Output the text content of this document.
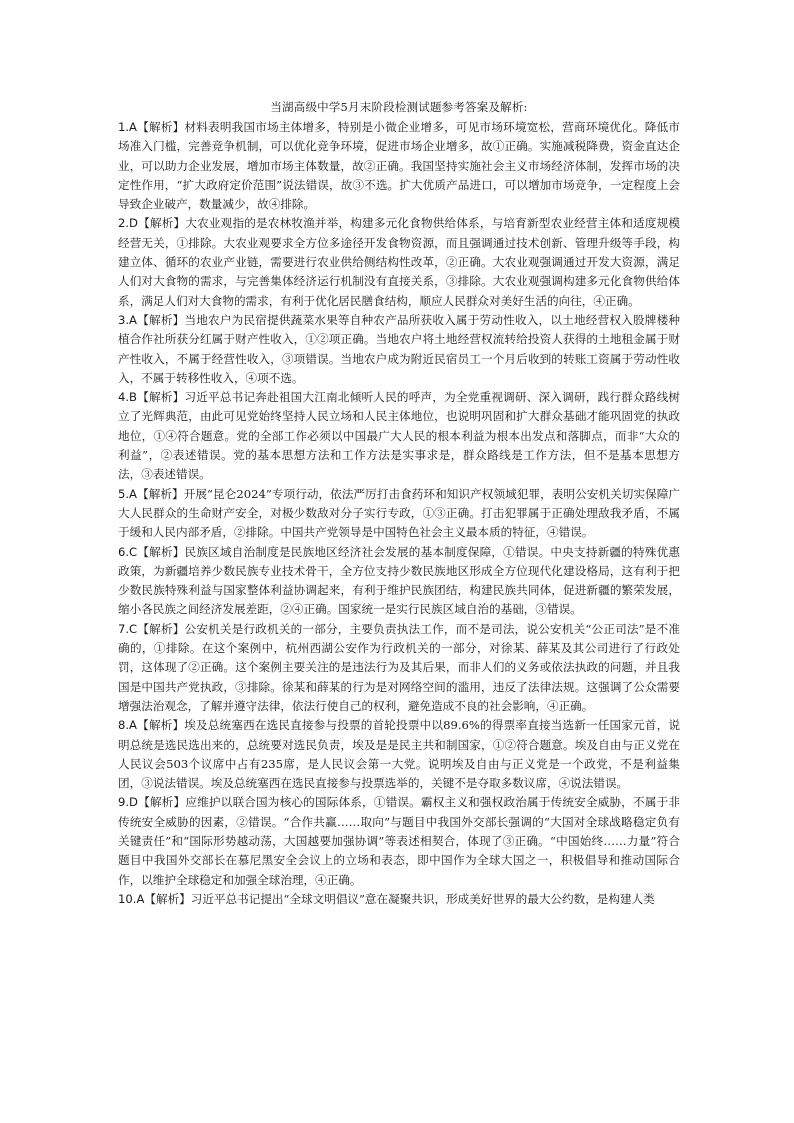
当湖高级中学5月末阶段检测试题参考答案及解析:

1.A【解析】材料表明我国市场主体增多，特别是小微企业增多，可见市场环境宽松，营商环境优化。降低市场准入门槛，完善竞争机制，可以优化竞争环境，促进市场企业增多，故①正确。实施减税降费，资金直达企业，可以助力企业发展，增加市场主体数量，故②正确。我国坚持实施社会主义市场经济体制，发挥市场的决定性作用，“扩大政府定价范围”说法错误，故③不选。扩大优质产品进口，可以增加市场竞争，一定程度上会导致企业破产，数量减少，故④排除。

2.D【解析】大农业观指的是农林牧渔并举，构建多元化食物供给体系，与培育新型农业经营主体和适度规模经营无关，①排除。大农业观要求全方位多途径开发食物资源，而且强调通过技术创新、管理升级等手段，构建立体、循环的农业产业链，需要进行农业供给侧结构性改革，②正确。大农业观强调通过开发大资源，满足人们对大食物的需求，与完善集体经济运行机制没有直接关系，③排除。大农业观强调构建多元化食物供给体系，满足人们对大食物的需求，有利于优化居民膳食结构，顺应人民群众对美好生活的向往，④正确。

3.A【解析】当地农户为民宿提供蔬菜水果等自种农产品所获收入属于劳动性收入，以土地经营权入股牌楼种植合作社所获分红属于财产性收入，①②项正确。当地农户将土地经营权流转给投资人获得的土地租金属于财产性收入，不属于经营性收入，③项错误。当地农户成为附近民宿员工一个月后收到的转账工资属于劳动性收入，不属于转移性收入，④项不选。

4.B【解析】习近平总书记奔赴祖国大江南北倾听人民的呼声，为全党重视调研、深入调研，践行群众路线树立了光辉典范，由此可见党始终坚持人民立场和人民主体地位，也说明巩固和扩大群众基础才能巩固党的执政地位，①④符合题意。党的全部工作必须以中国最广大人民的根本利益为根本出发点和落脚点，而非“大众的利益”，②表述错误。党的基本思想方法和工作方法是实事求是，群众路线是工作方法，但不是基本思想方法，③表述错误。

5.A【解析】开展“昆仑2024”专项行动，依法严厉打击食药环和知识产权领域犯罪，表明公安机关切实保障广大人民群众的生命财产安全，对极少数敌对分子实行专政，①③正确。打击犯罪属于正确处理敌我矛盾，不属于缓和人民内部矛盾，②排除。中国共产党领导是中国特色社会主义最本质的特征，④错误。

6.C【解析】民族区域自治制度是民族地区经济社会发展的基本制度保障，①错误。中央支持新疆的特殊优惠政策，为新疆培养少数民族专业技术骨干，全方位支持少数民族地区形成全方位现代化建设格局，这有利于把少数民族特殊利益与国家整体利益协调起来，有利于维护民族团结，构建民族共同体，促进新疆的繁荣发展，缩小各民族之间经济发展差距，②④正确。国家统一是实行民族区域自治的基础，③错误。

7.C【解析】公安机关是行政机关的一部分，主要负责执法工作，而不是司法，说公安机关“公正司法”是不准确的，①排除。在这个案例中，杭州西湖公安作为行政机关的一部分，对徐某、薛某及其公司进行了行政处罚，这体现了②正确。这个案例主要关注的是违法行为及其后果，而非人们的义务或依法执政的问题，并且我国是中国共产党执政，③排除。徐某和薛某的行为是对网络空间的滥用，违反了法律法规。这强调了公众需要增强法治观念，了解并遵守法律，依法行使自己的权利，避免造成不良的社会影响，④正确。

8.A【解析】埃及总统塞西在选民直接参与投票的首轮投票中以89.6%的得票率直接当选新一任国家元首，说明总统是选民选出来的，总统要对选民负责，埃及是是民主共和制国家，①②符合题意。埃及自由与正义党在人民议会503个议席中占有235席，是人民议会第一大党。说明埃及自由与正义党是一个政党，不是利益集团，③说法错误。埃及总统塞西在选民直接参与投票选举的，关键不是夺取多数议席，④说法错误。

9.D【解析】应维护以联合国为核心的国际体系，①错误。霸权主义和强权政治属于传统安全威胁，不属于非传统安全威胁的因素，②错误。“合作共赢……取向”与题目中我国外交部长强调的“大国对全球战略稳定负有关键责任”和“国际形势越动荡，大国越要加强协调”等表述相契合，体现了③正确。“中国始终……力量”符合题目中我国外交部长在慕尼黑安全会议上的立场和表态，即中国作为全球大国之一，积极倡导和推动国际合作，以维护全球稳定和加强全球治理，④正确。

10.A【解析】习近平总书记提出“全球文明倡议”意在凝聚共识，形成美好世界的最大公约数，是构建人类
